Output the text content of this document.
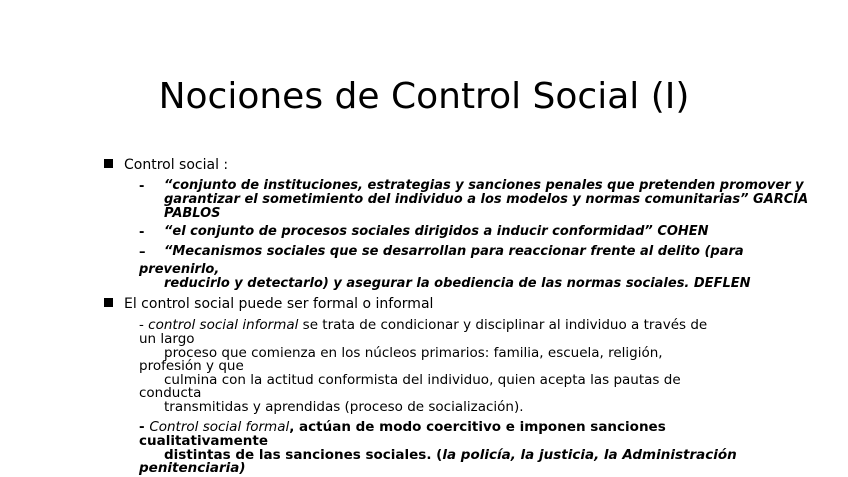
Nociones de Control Social (I)
Control social :
- “conjunto de instituciones, estrategias y sanciones penales que pretenden promover y
garantizar el sometimiento del individuo a los modelos y normas comunitarias” GARCIA
PABLOS
- “el conjunto de procesos sociales dirigidos a inducir conformidad” COHEN
– “Mecanismos sociales que se desarrollan para reaccionar frente al delito (para
prevenirlo,
reducirlo y detectarlo) y asegurar la obediencia de las normas sociales. DEFLEN
El control social puede ser formal o informal
- control social informal se trata de condicionar y disciplinar al individuo a través de
un largo
proceso que comienza en los núcleos primarios: familia, escuela, religión,
profesión y que
culmina con la actitud conformista del individuo, quien acepta las pautas de
conducta
transmitidas y aprendidas (proceso de socialización).
- Control social formal, actúan de modo coercitivo e imponen sanciones
cualitativamente
distintas de las sanciones sociales. (la policía, la justicia, la Administración
penitenciaria)
